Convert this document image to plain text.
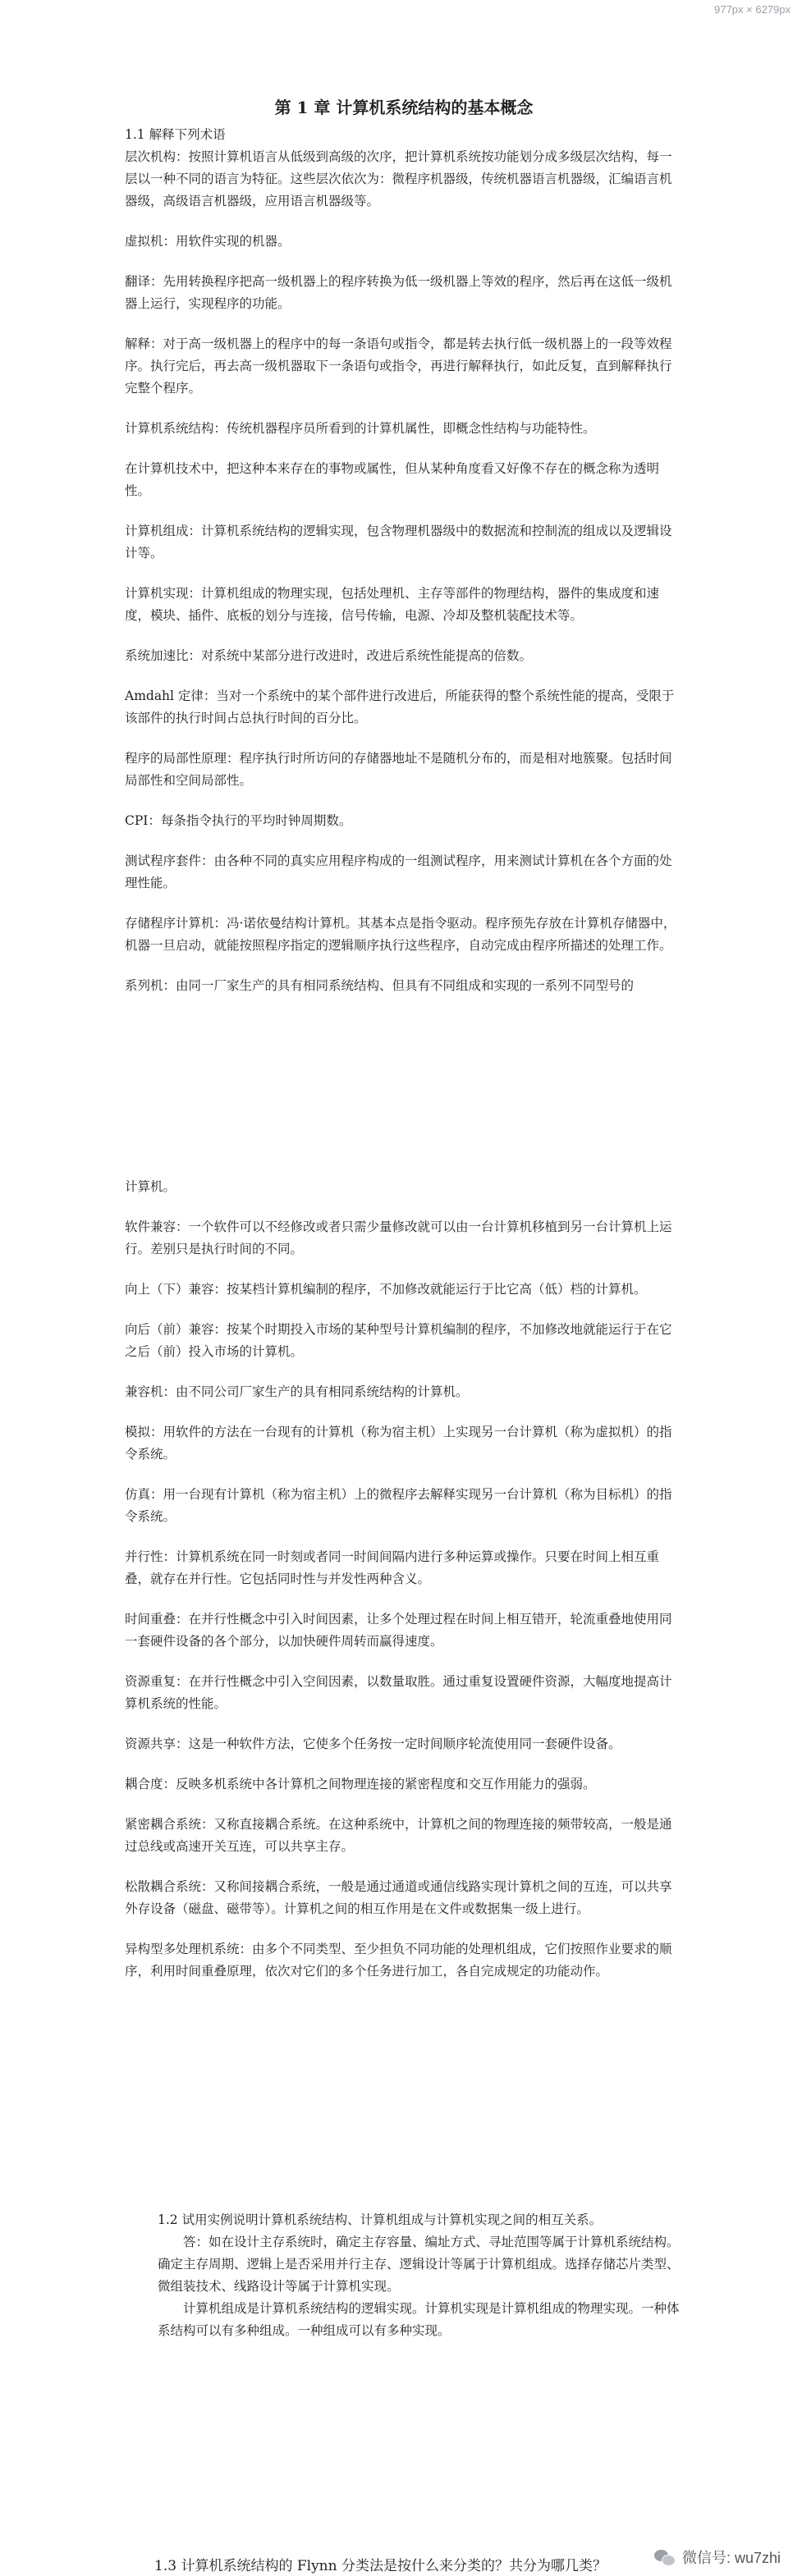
977px × 6279px
第 1 章 计算机系统结构的基本概念
1.1 解释下列术语

层次机构：按照计算机语言从低级到高级的次序，把计算机系统按功能划分成多级层次结构，每一层以一种不同的语言为特征。这些层次依次为：微程序机器级，传统机器语言机器级，汇编语言机器级，高级语言机器级，应用语言机器级等。

虚拟机：用软件实现的机器。

翻译：先用转换程序把高一级机器上的程序转换为低一级机器上等效的程序，然后再在这低一级机器上运行，实现程序的功能。

解释：对于高一级机器上的程序中的每一条语句或指令，都是转去执行低一级机器上的一段等效程序。执行完后，再去高一级机器取下一条语句或指令，再进行解释执行，如此反复，直到解释执行完整个程序。

计算机系统结构：传统机器程序员所看到的计算机属性，即概念性结构与功能特性。

在计算机技术中，把这种本来存在的事物或属性，但从某种角度看又好像不存在的概念称为透明性。

计算机组成：计算机系统结构的逻辑实现，包含物理机器级中的数据流和控制流的组成以及逻辑设计等。

计算机实现：计算机组成的物理实现，包括处理机、主存等部件的物理结构，器件的集成度和速度，模块、插件、底板的划分与连接，信号传输，电源、冷却及整机装配技术等。

系统加速比：对系统中某部分进行改进时，改进后系统性能提高的倍数。

Amdahl 定律：当对一个系统中的某个部件进行改进后，所能获得的整个系统性能的提高，受限于该部件的执行时间占总执行时间的百分比。

程序的局部性原理：程序执行时所访问的存储器地址不是随机分布的，而是相对地簇聚。包括时间局部性和空间局部性。

CPI：每条指令执行的平均时钟周期数。

测试程序套件：由各种不同的真实应用程序构成的一组测试程序，用来测试计算机在各个方面的处理性能。

存储程序计算机：冯·诺依曼结构计算机。其基本点是指令驱动。程序预先存放在计算机存储器中，机器一旦启动，就能按照程序指定的逻辑顺序执行这些程序，自动完成由程序所描述的处理工作。

系列机：由同一厂家生产的具有相同系统结构、但具有不同组成和实现的一系列不同型号的

计算机。

软件兼容：一个软件可以不经修改或者只需少量修改就可以由一台计算机移植到另一台计算机上运行。差别只是执行时间的不同。

向上（下）兼容：按某档计算机编制的程序，不加修改就能运行于比它高（低）档的计算机。

向后（前）兼容：按某个时期投入市场的某种型号计算机编制的程序，不加修改地就能运行于在它之后（前）投入市场的计算机。

兼容机：由不同公司厂家生产的具有相同系统结构的计算机。

模拟：用软件的方法在一台现有的计算机（称为宿主机）上实现另一台计算机（称为虚拟机）的指令系统。

仿真：用一台现有计算机（称为宿主机）上的微程序去解释实现另一台计算机（称为目标机）的指令系统。

并行性：计算机系统在同一时刻或者同一时间间隔内进行多种运算或操作。只要在时间上相互重叠，就存在并行性。它包括同时性与并发性两种含义。

时间重叠：在并行性概念中引入时间因素，让多个处理过程在时间上相互错开，轮流重叠地使用同一套硬件设备的各个部分，以加快硬件周转而赢得速度。

资源重复：在并行性概念中引入空间因素，以数量取胜。通过重复设置硬件资源，大幅度地提高计算机系统的性能。

资源共享：这是一种软件方法，它使多个任务按一定时间顺序轮流使用同一套硬件设备。

耦合度：反映多机系统中各计算机之间物理连接的紧密程度和交互作用能力的强弱。

紧密耦合系统：又称直接耦合系统。在这种系统中，计算机之间的物理连接的频带较高，一般是通过总线或高速开关互连，可以共享主存。

松散耦合系统：又称间接耦合系统，一般是通过通道或通信线路实现计算机之间的互连，可以共享外存设备（磁盘、磁带等）。计算机之间的相互作用是在文件或数据集一级上进行。

异构型多处理机系统：由多个不同类型、至少担负不同功能的处理机组成，它们按照作业要求的顺序，利用时间重叠原理，依次对它们的多个任务进行加工，各自完成规定的功能动作。

1.2 试用实例说明计算机系统结构、计算机组成与计算机实现之间的相互关系。
答：如在设计主存系统时，确定主存容量、编址方式、寻址范围等属于计算机系统结构。确定主存周期、逻辑上是否采用并行主存、逻辑设计等属于计算机组成。选择存储芯片类型、微组装技术、线路设计等属于计算机实现。
计算机组成是计算机系统结构的逻辑实现。计算机实现是计算机组成的物理实现。一种体系结构可以有多种组成。一种组成可以有多种实现。
1.3 计算机系统结构的 Flynn 分类法是按什么来分类的？共分为哪几类？	微信号: wu7zhi
